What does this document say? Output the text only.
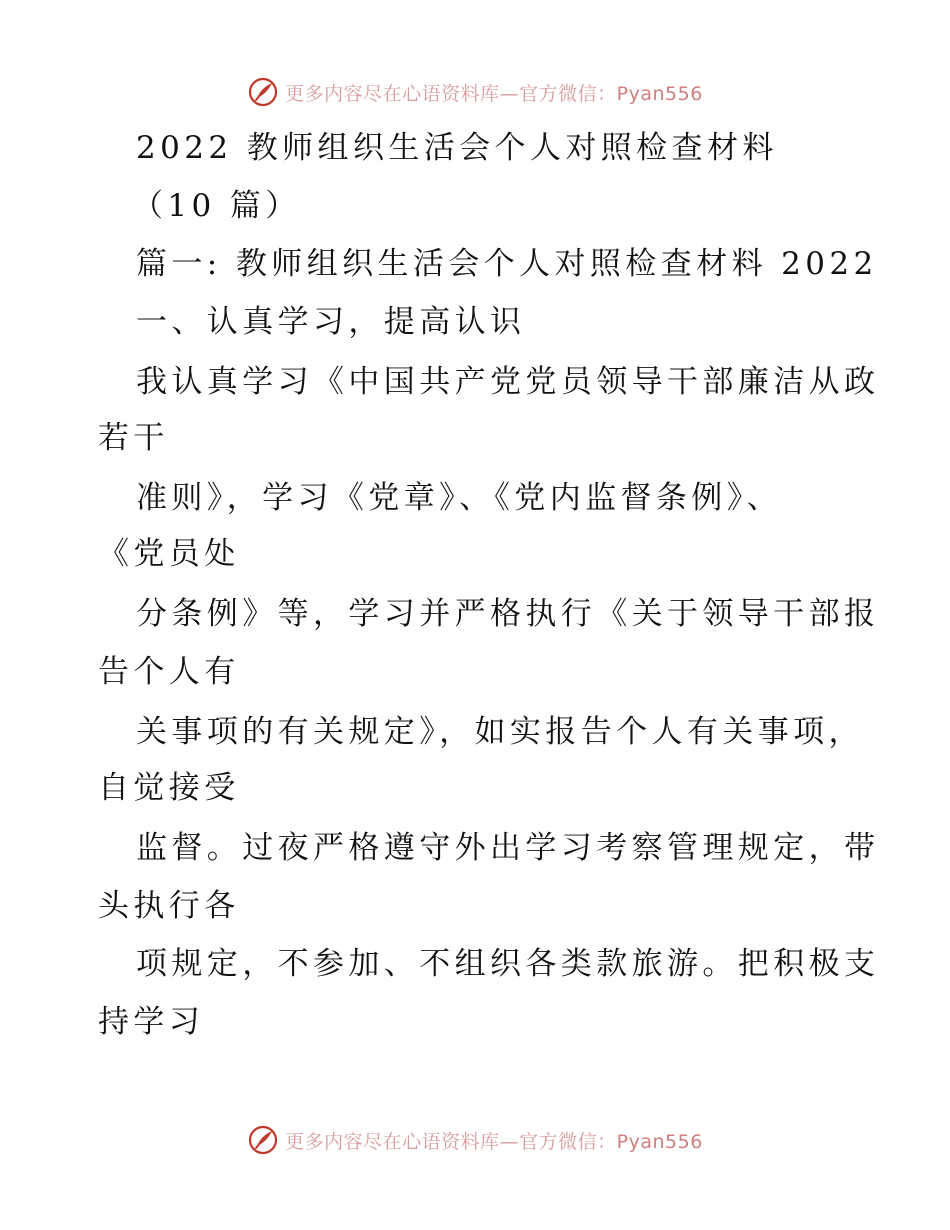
更多内容尽在心语资料库—官方微信：Pyan556
2022 教师组织生活会个人对照检查材料
（10 篇）
篇一: 教师组织生活会个人对照检查材料 2022
一、认真学习，提高认识
我认真学习《中国共产党党员领导干部廉洁从政
若干
准则》，学习《党章》、《党内监督条例》、
《党员处
分条例》等，学习并严格执行《关于领导干部报
告个人有
关事项的有关规定》，如实报告个人有关事项，
自觉接受
监督。过夜严格遵守外出学习考察管理规定，带
头执行各
项规定，不参加、不组织各类款旅游。把积极支
持学习
更多内容尽在心语资料库—官方微信：Pyan556
